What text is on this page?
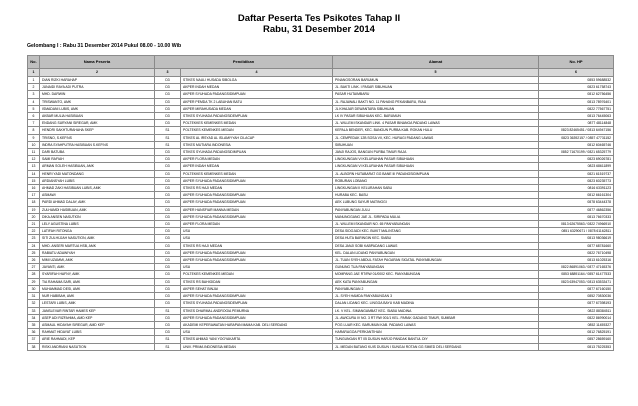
Daftar Peserta Tes Psikotes Tahap II
Rabu, 31 Desember 2014
Gelombang I : Rabu 31 Desember 2014 Pukul 08.00 - 10.00 Wib
No.	Nama Peserta	Pendidikan		Alamat	No. HP
1	2	3	4	5	6
1	DIAN RIZKI HARAHAP	D3	STIKES NAULI HUSADA SIBOLGA	PINANGSORAN BARUMUN	0853 59688532
2	JUNAIDI RAYA ADI PUTRA	D3	AKPER INDAH MEDAN	JL. BAKTI LINK. I PASAR SIBUHUAN	0823 61758743
3	MHD. DARWIN	D3	AKPER SYUHADA PADANGSIDIMPUAN	PASAR HUTAIMBARU	0812 62756456
4	TRISWANTO, AMK	D3	AKPER PEMDA TK 2 LABUHAN BATU	JL. RAJAWALI BAKTI NO. 11 PAHANG PEKANBARU, RIAU	0813 78976401
5	ISMADANI LUBIS, AMK	D3	AKPER MIRAHUSADA MEDAN	JL KIHAJAR DEWANTARA SIBUHUAN	0822 77567751
6	AKBAR MULIA HASIBUAN	D3	STIKES SYUHADA PADANGSIDEMPUAN	LK IV PASAR SIBUHUAN KEC. BARUMUN	0813 76445063
7	ENDANG SURYANI SIREGAR, AMK	D3	POLTEKKES KEMENKES MEDAN	JL. WILLEM ISKANDAR LINK. 4 PASAR BINANGA PADANG LAWAS	0877 48114848
8	HENDRI SAKHTURAHAHA SKEP	S1	POLTEKES KEMENKES MEDAN	KEPALA BENDER, KEC. BANGUN PURBA KAB. ROKAN HULU	0823 82465451 / 0813 64947156
9	TRISNO, S.KEP.NS	S1	STIKES AL IRSYAD AL ISLAMIYYAH CILACAP	JL. CEMPEDAK 12B SOSA VII, KEC. HURAGI PADANG LAWAS	0823 36392157 / 0857 47731152
10	INDRA SYAHPUTRA HASIBUAN S.KEP.NS	S1	STIKES MUTIARA INDONESIA	SIBUHUAN	0812 60465746
11	DARI BATUBA	D3	STIKES SYUHADA PADANGSIDIMPUAN	JANJI RAJOS, BANGUN PURBA TIMUR RAJA	0852 71670199 / 0821 65325779
12	SAMI RAFIAH	D3	AKPER FLORA MEDAN	LINGKUNGAN VI KELURAHAN PASAR SIBUHUAN	0823 69026781
13	ARMAN SOLEH HASIBUAN, AMK	D3	AKPER INDAH MEDAN	LINGKUNGAN VI KELURAHAN PASAR SIBUHUAN	0823 68611899
14	HENRI YADI MATONDANG	D3	POLTEKKES KEMENKES MEDAN	JL. ALBORN HUTABARAT GG BANE III PADANGSIDIMPUAN	0821 61519737
15	ARDIANSYAH LUBIS	D3	AKPER SYUHADA PADANGSIDIMPUAN	ROBURAN LOBANG	0823 60235773
16	AHMAD ZAKI HASIBUAN LUBIS, AMK	D3	STIKES RS HAJI MEDAN	LINGKUNGAN II KELURAHAN SABU	0816 63391123
17	ASMAWI	D3	AKPER SYUHADA PADANGSIDIMPUAN	HURABA KEC. BASU	0812 66161304
18	PARDI AHMAD DALAY, AMK	D3	AKPER SYUHADA PADANGSIDIMPUAN	AEK LUBUNG SAYUR MATINGGI	0878 63444378
19	ZULHAMDI HASIBUAN, AMK	D3	AKPER HANSFIAR MANNA MEDAN	PANYABUNGAN JULU	0877 46862356
20	DIKA ANSEN NASUTION	D3	AKPER SYUHADA PADANGSIDIMPUAN	MANUNGGANG JAE JL. SIRIPADA MULIA	0813 76670333
21	LELY AGUSTINA LUBIS	D3	AKPER FLORA MEDAN	JL. WILLEM ISKANDAR NO. 65 PANYABUNGAN	0813 62675563 / 0822 74966910
22	LATIFAH RITONGA	D3	USU	DESA SIDOJADI KEC. BUKIT MALINTANG	0851 63290671 / 0878 61162811
23	SITI ZULHIJJAH NASUTION, AMK	D3	USU	DESA HUTA BARINGIN KEC. SIABU	0813 98036619
24	MHD. ANSERI MARTUA HSB, AMK	D3	STIKES RS HAJI MEDAN	DESA JANJI SOBI KABPADANG LAWAS	0877 68781660
25	RABIATU ADAWIYAH	D3	AKPER SYUHADA PADANGSIDIMPUAN	KEL. DALAN LIDANG PANYABUNGAN	0822 76710498
26	MIMI UZAMMI, AMK	D3	AKPER SYUHADA PADANGSIDIMPUAN	JL. TUAN SYEH ABDUL FATAH PAGARAN SIGATAL PANYABUNGAN	0813 61025316
27	JAYANTI, AMK	D3	USU	GUNUNG TUA PANYABUNGAN	0822 86891063 / 0877 47165376
28	SYARIFAH HAFNY, AMK	D3	POLTEKES KEMENKES MEDAN	MOMPANG JAE RT/RW 01/0002 KEC. PANYABUNGAN	0853 68891164 / 0857 61477533
29	TIA RAHAMA SARI, AMK	D3	STIKES RS BAHIGIDAN	AEK KATA PANYABUNGAN	0823 63947053 / 0813 63533471
30	MUHAMMAD DESI, AMK	D3	AKPER SEHAT BINJAI	PANYABUNGAN 2	0877 67160150
31	NUR HABIBAH, AMK	D3	AKPER SYUHADA PADANGSIDIMPUAN	JL. SYEH HAMDA PANYABUNGAN 3	0852 70830036
32	LESTARI LUBIS, AMK	D3	STIKES SYUHADA PADANGSIDEMPUAN	DALAN LIDANG KEC. LINGGA BAYU KAB MADINA	0877 67398193
33	JANSLEVAR RINTAR HAMES KEP	S1	STIKES DHARMAL ANDROGIA PEMURNA	LK. V KEL. SIMANGAMBAT KEC. SIABU MADINA	0822 88384511
34	ASEP ADI RIZFAHMA, AMD KEP	D3	AKPER SYUHADA PADANGSIDIMPUAN	JL. AWICURA IV NO. 3 RT RW 001/1 KEL. PARAK GADANG TIMUR, SUMBAR	0822 86990014
35	ASMAUL HIDAYAH SIREGAR, AMD KEP	D3	AKADEMI KEPERAWATAN HARAPAN MAMA KAB. DELI SERDANG	POG LUAR KEC. BARUMUN KAB. PADANG LAWAS	0852 11455327
36	RAHMAT HIDAYAT LUBIS	D3	USU	HARARAGOA PERKANTIHAN	0812 76825191
37	ARIE RAHMADI, KEP	S1	STIKES AHMAD YANI YOGYAKARTA	TUNGUNGAN RT 05 DUSUN HARJO PANDAK BANTUL DIY	0857 28659160
38	RISKI ANDRIANI NASUTION	S1	UNIV. PRIMA INDONESIA MEDAN	JL. MEDAN BATANG KUIS DUSUN I SUNGAI ROTAN GG SIMED DELI SERDANG	0813 75225353
